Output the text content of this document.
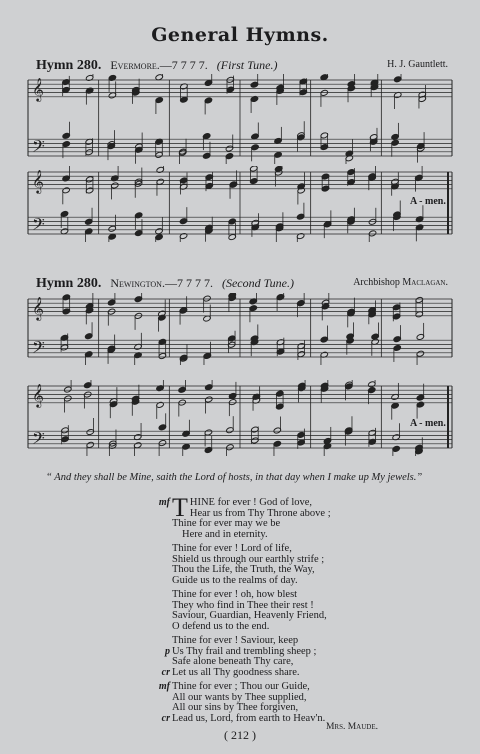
General Hymns.
Hymn 280. Evermore.—7 7 7 7. (First Tune.)	H. J. Gauntlett.
𝄞
𝄢
𝄞
𝄢
A - men.
Hymn 280. Newington.—7 7 7 7. (Second Tune.)	Archbishop Maclagan.
𝄞
𝄢
𝄞
𝄢
A - men.
“ And they shall be Mine, saith the Lord of hosts, in that day when I make up My jewels.”
mf T HINE for ever ! God of love,
Hear us from Thy Throne above ;
Thine for ever may we be
Here and in eternity.
Thine for ever ! Lord of life,
Shield us through our earthly strife ;
Thou the Life, the Truth, the Way,
Guide us to the realms of day.
Thine for ever ! oh, how blest
They who find in Thee their rest !
Saviour, Guardian, Heavenly Friend,
O defend us to the end.
Thine for ever ! Saviour, keep
p Us Thy frail and trembling sheep ;
Safe alone beneath Thy care,
cr Let us all Thy goodness share.
mf Thine for ever ; Thou our Guide,
All our wants by Thee supplied,
All our sins by Thee forgiven,
cr Lead us, Lord, from earth to Heav'n.
Mrs. Maude.
( 212 )
